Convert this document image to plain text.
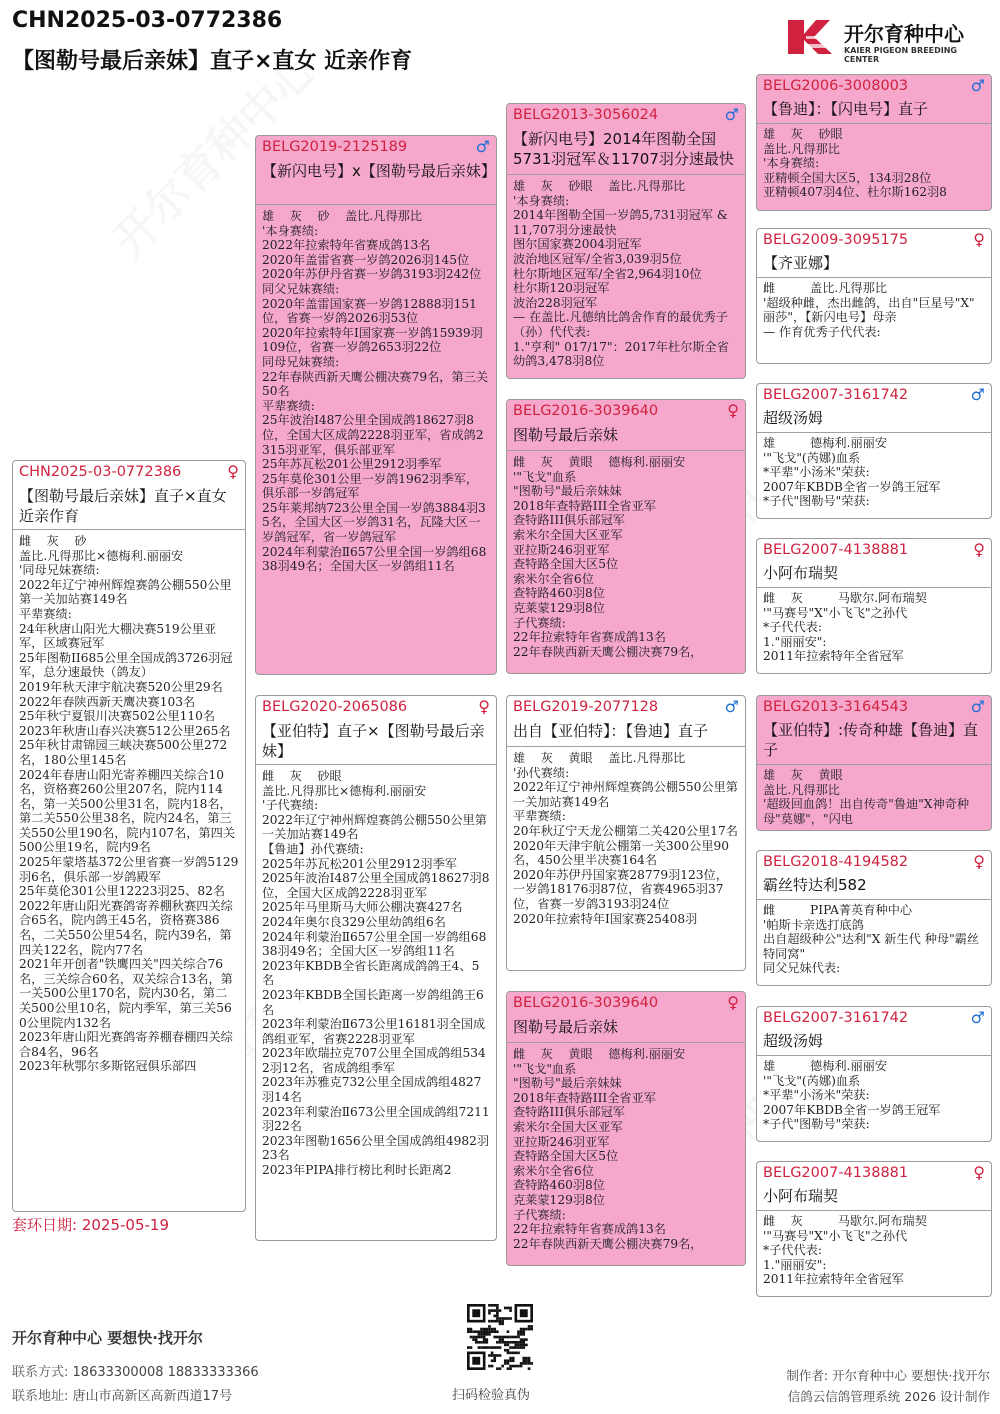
CHN2025-03-0772386
【图勒号最后亲妹】直子×直女 近亲作育
开尔育种中心
KAIER PIGEON BREEDING CENTER
CHN2025-03-0772386	♀
【图勒号最后亲妹】直子×直女 近亲作育
雌    灰    砂
盖比.凡得那比×德梅利.丽丽安
'同母兄妹赛绩:
2022年辽宁神州辉煌赛鸽公棚550公里第一关加站赛149名
平辈赛绩:
24年秋唐山阳光大棚决赛519公里亚军，区域赛冠军
25年图勒II685公里全国成鸽3726羽冠军，总分速最快（鸽友）
2019年秋天津宇航决赛520公里29名
2022年春陕西新天鹰决赛103名
25年秋宁夏银川决赛502公里110名
2023年秋唐山春兴决赛512公里265名
25年秋甘肃锦园三峡决赛500公里272名，180公里145名
2024年春唐山阳光寄养棚四关综合10名，资格赛260公里207名，院内114名，第一关500公里31名，院内18名，第二关550公里38名，院内24名，第三关550公里190名，院内107名，第四关500公里19名，院内9名
2025年蒙塔基372公里省赛一岁鸽5129羽6名，俱乐部一岁鸽殿军
25年莫伦301公里12223羽25、82名
2022年唐山阳光赛鸽寄养棚秋赛四关综合65名，院内鸽王45名，资格赛386名，二关550公里54名，院内39名，第四关122名，院内77名
2021年开创者"铁鹰四关"四关综合76名，三关综合60名，双关综合13名，第一关500公里170名，院内30名，第二关500公里10名，院内季军，第三关560公里院内132名
2023年唐山阳光赛鸽寄养棚春棚四关综合84名，96名
2023年秋鄂尔多斯铭冠俱乐部四
套环日期: 2025-05-19
BELG2019-2125189	♂
【新闪电号】x【图勒号最后亲妹】
雄    灰    砂    盖比.凡得那比
'本身赛绩:
2022年拉索特年省赛成鸽13名
2020年盖雷省赛一岁鸽2026羽145位
2020年苏伊丹省赛一岁鸽3193羽242位
同父兄妹赛绩:
2020年盖雷国家赛一岁鸽12888羽151位，省赛一岁鸽2026羽53位
2020年拉索特年I国家赛一岁鸽15939羽109位，省赛一岁鸽2653羽22位
同母兄妹赛绩:
22年春陕西新天鹰公棚决赛79名，第三关50名
平辈赛绩:
25年波治Ⅰ487公里全国成鸽18627羽8位，全国大区成鸽2228羽亚军，省成鸽2315羽亚军，俱乐部亚军
25年苏瓦松201公里2912羽季军
25年莫伦301公里一岁鸽1962羽季军，俱乐部一岁鸽冠军
25年莱邦纳723公里全国一岁鸽3884羽35名，全国大区一岁鸽31名，瓦隆大区一岁鸽冠军，省一岁鸽冠军
2024年利蒙治Ⅱ657公里全国一岁鸽组6838羽49名；全国大区一岁鸽组11名
BELG2020-2065086	♀
【亚伯特】直子×【图勒号最后亲妹】
雌    灰    砂眼
盖比.凡得那比×德梅利.丽丽安
'子代赛绩:
2022年辽宁神州辉煌赛鸽公棚550公里第一关加站赛149名
【鲁迪】孙代赛绩:
2025年苏瓦松201公里2912羽季军
2025年波治Ⅰ487公里全国成鸽18627羽8位，全国大区成鸽2228羽亚军
2025年马里斯马大师公棚决赛427名
2024年奥尔良329公里幼鸽组6名
2024年利蒙治Ⅱ657公里全国一岁鸽组6838羽49名；全国大区一岁鸽组11名
2023年KBDB全省长距离成鸽鸽王4、5名
2023年KBDB全国长距离一岁鸽组鸽王6名
2023年利蒙治Ⅱ673公里16181羽全国成鸽组亚军，省赛2228羽亚军
2023年欧瑞拉克707公里全国成鸽组5342羽12名，省成鸽组季军
2023年苏雅克732公里全国成鸽组4827羽14名
2023年利蒙治Ⅱ673公里全国成鸽组7211羽22名
2023年图勒1656公里全国成鸽组4982羽23名
2023年PIPA排行榜比利时长距离2
BELG2013-3056024	♂
【新闪电号】2014年图勒全国5731羽冠军＆11707羽分速最快
雄    灰    砂眼    盖比.凡得那比
'本身赛绩:
2014年图勒全国一岁鸽5,731羽冠军 & 11,707羽分速最快
图尔国家赛2004羽冠军
波治地区冠军/全省3,039羽5位
杜尔斯地区冠军/全省2,964羽10位
杜尔斯120羽冠军
波治228羽冠军
— 在盖比.凡德纳比鸽舍作育的最优秀子（孙）代代表:
1."亨利" 017/17"：2017年杜尔斯全省幼鸽3,478羽8位
BELG2016-3039640	♀
图勒号最后亲妹
雌    灰    黄眼    德梅利.丽丽安
'"飞戈"血系
"图勒号"最后亲妹妹
2018年查特路III全省亚军
查特路III俱乐部冠军
索米尔全国大区亚军
亚拉斯246羽亚军
查特路全国大区5位
索米尔全省6位
查特路460羽8位
克莱蒙129羽8位
子代赛绩:
22年拉索特年省赛成鸽13名
22年春陕西新天鹰公棚决赛79名，
BELG2019-2077128	♂
出自【亚伯特】：【鲁迪】直子
雄    灰    黄眼    盖比.凡得那比
'孙代赛绩:
2022年辽宁神州辉煌赛鸽公棚550公里第一关加站赛149名
平辈赛绩:
20年秋辽宁天龙公棚第二关420公里17名
2020年天津宇航公棚第一关300公里90名，450公里半决赛164名
2020年苏伊丹国家赛28779羽123位，一岁鸽18176羽87位，省赛4965羽37位，省赛一岁鸽3193羽24位
2020年拉索特年I国家赛25408羽
BELG2016-3039640	♀
图勒号最后亲妹
雌    灰    黄眼    德梅利.丽丽安
'"飞戈"血系
"图勒号"最后亲妹妹
2018年查特路III全省亚军
查特路III俱乐部冠军
索米尔全国大区亚军
亚拉斯246羽亚军
查特路全国大区5位
索米尔全省6位
查特路460羽8位
克莱蒙129羽8位
子代赛绩:
22年拉索特年省赛成鸽13名
22年春陕西新天鹰公棚决赛79名，
BELG2006-3008003	♂
【鲁迪】：【闪电号】直子
雄    灰    砂眼
盖比.凡得那比
'本身赛绩:
亚精顿全国大区5，134羽28位
亚精顿407羽4位、杜尔斯162羽8
BELG2009-3095175	♀
【齐亚娜】
雌         盖比.凡得那比
'超级种雌，杰出雌鸽，出自"巨星号"X" 丽莎"，【新闪电号】母亲
— 作育优秀子代代表:
BELG2007-3161742	♂
超级汤姆
雄         德梅利.丽丽安
'"飞戈"(芮娜)血系
*平辈"小汤米"荣获:
2007年KBDB全省一岁鸽王冠军
*子代"图勒号"荣获:
BELG2007-4138881	♀
小阿布瑞契
雌    灰         马歇尔.阿布瑞契
'"马赛号"X"小飞飞"之孙代
*子代代表:
1."丽丽安":
2011年拉索特年全省冠军
BELG2013-3164543	♂
【亚伯特】:传奇种雄【鲁迪】直子
雄    灰    黄眼
盖比.凡得那比
'超级回血鸽！出自传奇"鲁迪"X神奇种母"莫娜"，"闪电
BELG2018-4194582	♀
霸丝特达利582
雌         PIPA菁英育种中心
'帕斯卡亲选打底鸽
出自超级种公"达利"X 新生代 种母"霸丝特同窝"
同父兄妹代表:
BELG2007-3161742	♂
超级汤姆
雄         德梅利.丽丽安
'"飞戈"(芮娜)血系
*平辈"小汤米"荣获:
2007年KBDB全省一岁鸽王冠军
*子代"图勒号"荣获:
BELG2007-4138881	♀
小阿布瑞契
雌    灰         马歇尔.阿布瑞契
'"马赛号"X"小飞飞"之孙代
*子代代表:
1."丽丽安":
2011年拉索特年全省冠军
开尔育种中心 要想快·找开尔
联系方式: 18633300008 18833333366
联系地址: 唐山市高新区高新西道17号	扫码检验真伪
制作者: 开尔育种中心 要想快·找开尔
信鸽云信鸽管理系统 2026 设计制作
